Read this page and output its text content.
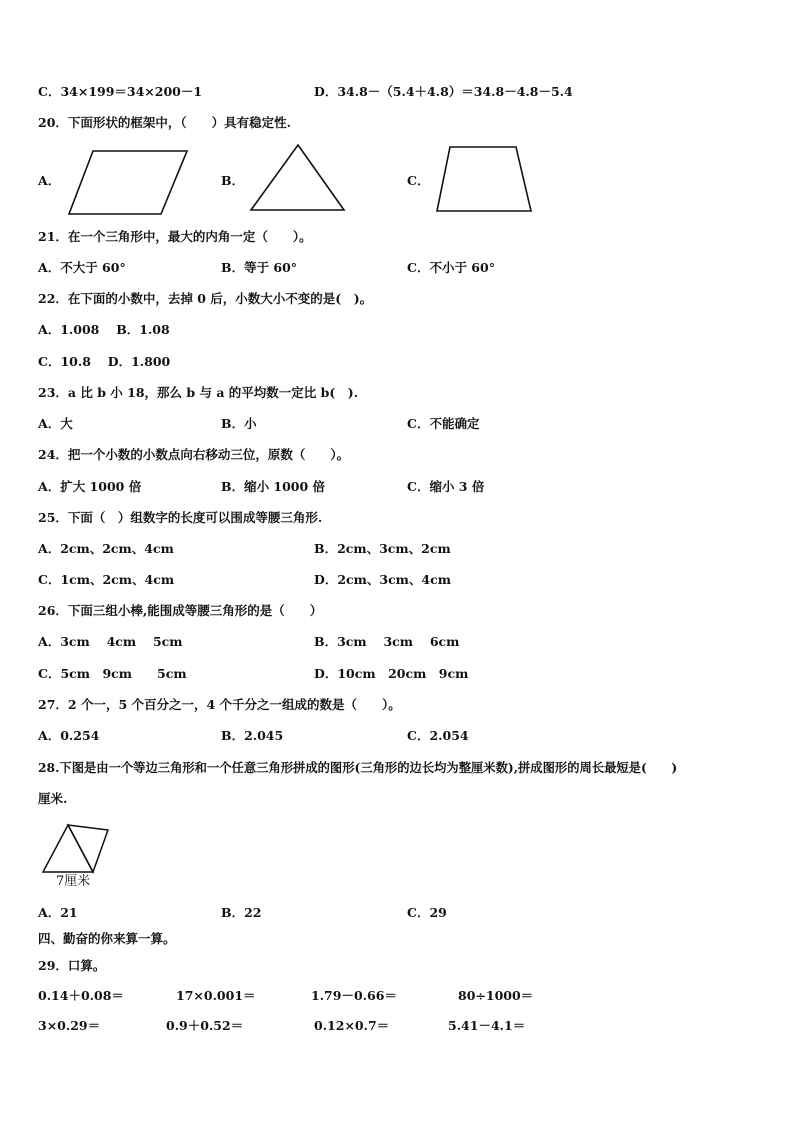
C．34×199＝34×200－1	D．34.8－（5.4＋4.8）＝34.8－4.8－5.4
20．下面形状的框架中，（　　）具有稳定性.
A．	B．	C．
21．在一个三角形中，最大的内角一定（　　）。
A．不大于 60°	B．等于 60°	C．不小于 60°
22．在下面的小数中，去掉 0 后，小数大小不变的是(　)。
A．1.008　 B．1.08
C．10.8　 D．1.800
23．a 比 b 小 18，那么 b 与 a 的平均数一定比 b(　).
A．大	B．小	C．不能确定
24．把一个小数的小数点向右移动三位，原数（　　）。
A．扩大 1000 倍	B．缩小 1000 倍	C．缩小 3 倍
25．下面（　）组数字的长度可以围成等腰三角形.
A．2cm、2cm、4cm	B．2cm、3cm、2cm
C．1cm、2cm、4cm	D．2cm、3cm、4cm
26．下面三组小棒,能围成等腰三角形的是（　　）
A．3cm　 4cm　 5cm	B．3cm　 3cm　 6cm
C．5cm　9cm　　5cm	D．10cm　20cm　9cm
27．2 个一，5 个百分之一，4 个千分之一组成的数是（　　）。
A．0.254	B．2.045	C．2.054
28.下图是由一个等边三角形和一个任意三角形拼成的图形(三角形的边长均为整厘米数),拼成图形的周长最短是(　　)
厘米.
7厘米
A．21	B．22	C．29
四、勤奋的你来算一算。
29．口算。
0.14＋0.08＝	17×0.001＝	1.79－0.66＝	80÷1000＝
3×0.29＝	0.9＋0.52＝	0.12×0.7＝	5.41－4.1＝
